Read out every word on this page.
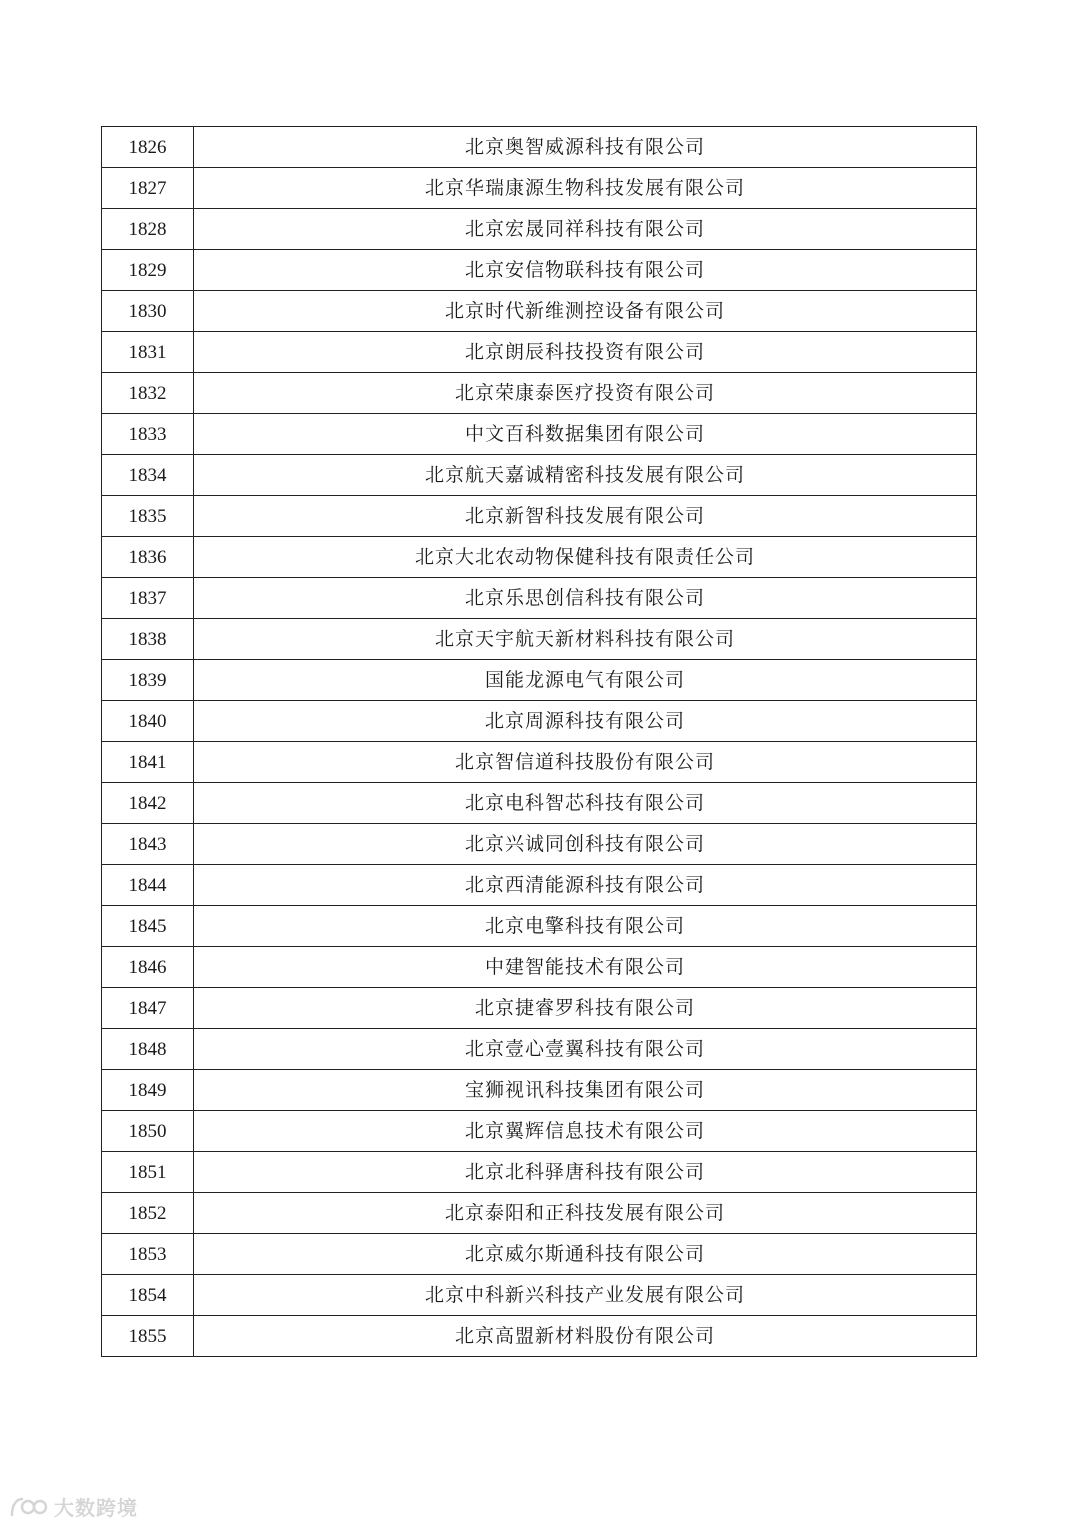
1826	北京奥智威源科技有限公司
1827	北京华瑞康源生物科技发展有限公司
1828	北京宏晟同祥科技有限公司
1829	北京安信物联科技有限公司
1830	北京时代新维测控设备有限公司
1831	北京朗辰科技投资有限公司
1832	北京荣康泰医疗投资有限公司
1833	中文百科数据集团有限公司
1834	北京航天嘉诚精密科技发展有限公司
1835	北京新智科技发展有限公司
1836	北京大北农动物保健科技有限责任公司
1837	北京乐思创信科技有限公司
1838	北京天宇航天新材料科技有限公司
1839	国能龙源电气有限公司
1840	北京周源科技有限公司
1841	北京智信道科技股份有限公司
1842	北京电科智芯科技有限公司
1843	北京兴诚同创科技有限公司
1844	北京西清能源科技有限公司
1845	北京电擎科技有限公司
1846	中建智能技术有限公司
1847	北京捷睿罗科技有限公司
1848	北京壹心壹翼科技有限公司
1849	宝狮视讯科技集团有限公司
1850	北京翼辉信息技术有限公司
1851	北京北科驿唐科技有限公司
1852	北京泰阳和正科技发展有限公司
1853	北京威尔斯通科技有限公司
1854	北京中科新兴科技产业发展有限公司
1855	北京高盟新材料股份有限公司
大数跨境
